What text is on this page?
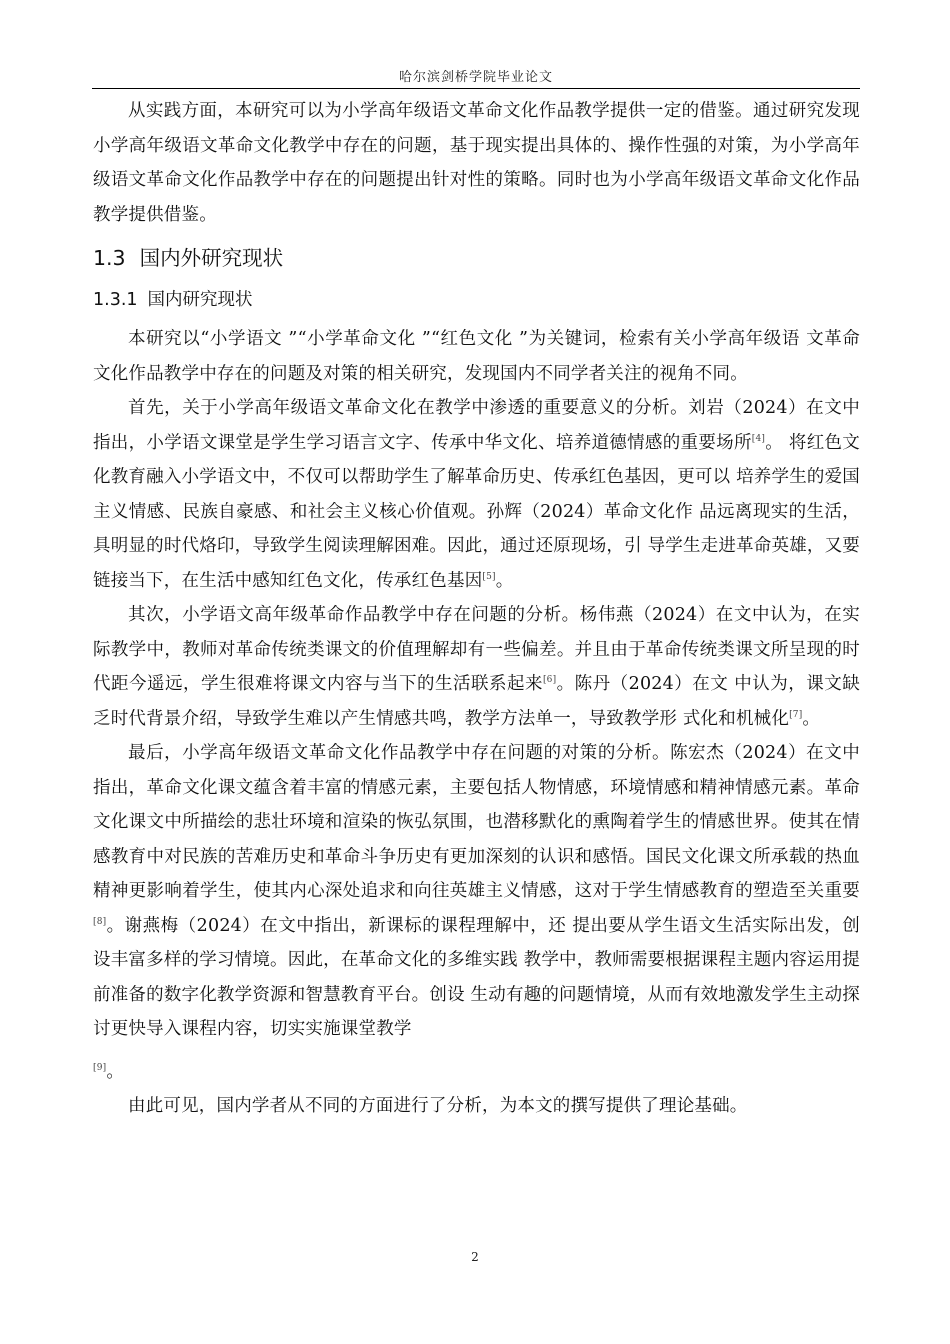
哈尔滨剑桥学院毕业论文

从实践方面，本研究可以为小学高年级语文革命文化作品教学提供一定的借鉴。通过研究发现小学高年级语文革命文化教学中存在的问题，基于现实提出具体的、操作性强的对策，为小学高年级语文革命文化作品教学中存在的问题提出针对性的策略。同时也为小学高年级语文革命文化作品教学提供借鉴。

1.3 国内外研究现状
1.3.1 国内研究现状

本研究以“小学语文 ”“小学革命文化 ”“红色文化 ”为关键词，检索有关小学高年级语 文革命文化作品教学中存在的问题及对策的相关研究，发现国内不同学者关注的视角不同。

首先，关于小学高年级语文革命文化在教学中渗透的重要意义的分析。刘岩（2024）在文中指出，小学语文课堂是学生学习语言文字、传承中华文化、培养道德情感的重要场所[4]。 将红色文化教育融入小学语文中，不仅可以帮助学生了解革命历史、传承红色基因，更可以 培养学生的爱国主义情感、民族自豪感、和社会主义核心价值观。孙辉（2024）革命文化作 品远离现实的生活，具明显的时代烙印，导致学生阅读理解困难。因此，通过还原现场，引 导学生走进革命英雄，又要链接当下，在生活中感知红色文化，传承红色基因[5]。

其次，小学语文高年级革命作品教学中存在问题的分析。杨伟燕（2024）在文中认为，在实际教学中，教师对革命传统类课文的价值理解却有一些偏差。并且由于革命传统类课文所呈现的时代距今遥远，学生很难将课文内容与当下的生活联系起来[6]。陈丹（2024）在文 中认为，课文缺乏时代背景介绍，导致学生难以产生情感共鸣，教学方法单一，导致教学形 式化和机械化[7]。

最后，小学高年级语文革命文化作品教学中存在问题的对策的分析。陈宏杰（2024）在文中指出，革命文化课文蕴含着丰富的情感元素，主要包括人物情感，环境情感和精神情感元素。革命文化课文中所描绘的悲壮环境和渲染的恢弘氛围，也潜移默化的熏陶着学生的情感世界。使其在情感教育中对民族的苦难历史和革命斗争历史有更加深刻的认识和感悟。国民文化课文所承载的热血精神更影响着学生，使其内心深处追求和向往英雄主义情感，这对于学生情感教育的塑造至关重要[8]。谢燕梅（2024）在文中指出，新课标的课程理解中，还 提出要从学生语文生活实际出发，创设丰富多样的学习情境。因此，在革命文化的多维实践 教学中，教师需要根据课程主题内容运用提前准备的数字化教学资源和智慧教育平台。创设 生动有趣的问题情境，从而有效地激发学生主动探讨更快导入课程内容，切实实施课堂教学

[9]。

由此可见，国内学者从不同的方面进行了分析，为本文的撰写提供了理论基础。

2
